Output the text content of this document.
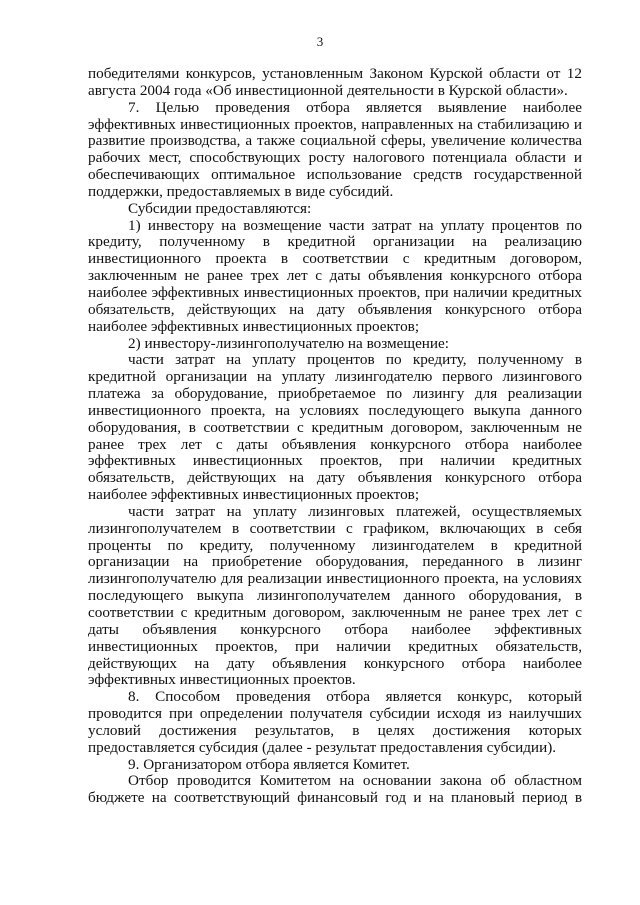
3
победителями конкурсов, установленным Законом Курской области от 12
августа 2004 года «Об инвестиционной деятельности в Курской области».
7. Целью проведения отбора является выявление наиболее
эффективных инвестиционных проектов, направленных на стабилизацию и
развитие производства, а также социальной сферы, увеличение количества
рабочих мест, способствующих росту налогового потенциала области и
обеспечивающих оптимальное использование средств государственной
поддержки, предоставляемых в виде субсидий.
Субсидии предоставляются:
1) инвестору на возмещение части затрат на уплату процентов по
кредиту, полученному в кредитной организации на реализацию
инвестиционного проекта в соответствии с кредитным договором,
заключенным не ранее трех лет с даты объявления конкурсного отбора
наиболее эффективных инвестиционных проектов, при наличии кредитных
обязательств, действующих на дату объявления конкурсного отбора
наиболее эффективных инвестиционных проектов;
2) инвестору-лизингополучателю на возмещение:
части затрат на уплату процентов по кредиту, полученному в
кредитной организации на уплату лизингодателю первого лизингового
платежа за оборудование, приобретаемое по лизингу для реализации
инвестиционного проекта, на условиях последующего выкупа данного
оборудования, в соответствии с кредитным договором, заключенным не
ранее трех лет с даты объявления конкурсного отбора наиболее
эффективных инвестиционных проектов, при наличии кредитных
обязательств, действующих на дату объявления конкурсного отбора
наиболее эффективных инвестиционных проектов;
части затрат на уплату лизинговых платежей, осуществляемых
лизингополучателем в соответствии с графиком, включающих в себя
проценты по кредиту, полученному лизингодателем в кредитной
организации на приобретение оборудования, переданного в лизинг
лизингополучателю для реализации инвестиционного проекта, на условиях
последующего выкупа лизингополучателем данного оборудования, в
соответствии с кредитным договором, заключенным не ранее трех лет с
даты объявления конкурсного отбора наиболее эффективных
инвестиционных проектов, при наличии кредитных обязательств,
действующих на дату объявления конкурсного отбора наиболее
эффективных инвестиционных проектов.
8. Способом проведения отбора является конкурс, который
проводится при определении получателя субсидии исходя из наилучших
условий достижения результатов, в целях достижения которых
предоставляется субсидия (далее - результат предоставления субсидии).
9. Организатором отбора является Комитет.
Отбор проводится Комитетом на основании закона об областном
бюджете на соответствующий финансовый год и на плановый период в
